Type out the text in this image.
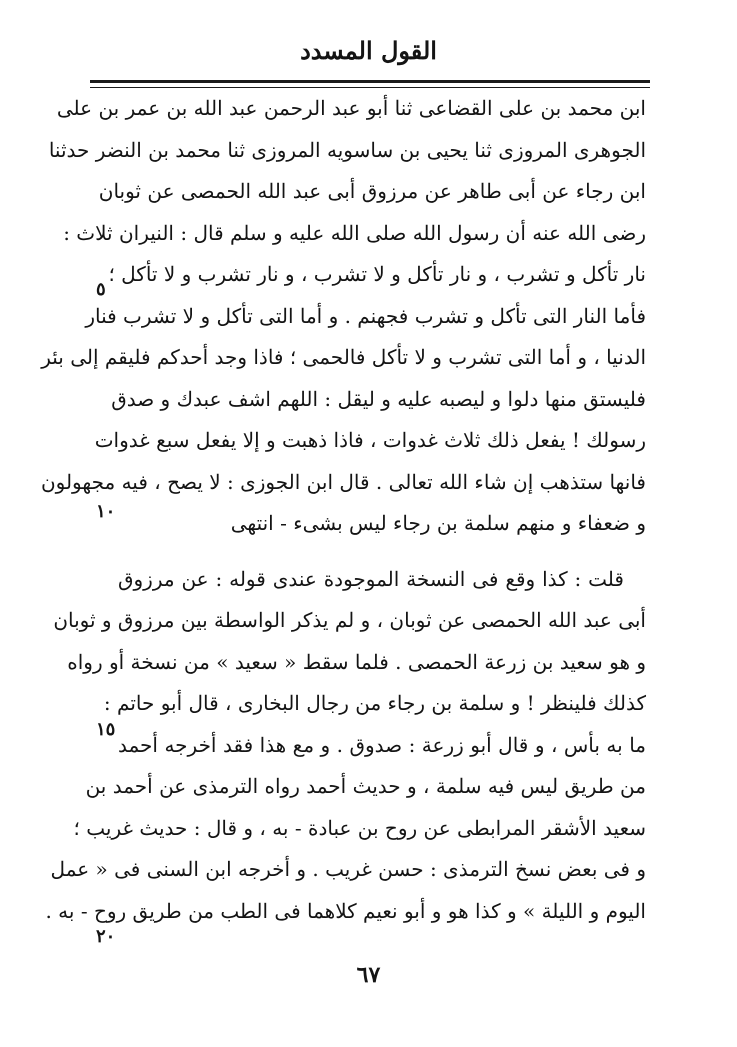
القول المسدد
ابن محمد بن على القضاعى ثنا أبو عبد الرحمن عبد الله بن عمر بن على
الجوهرى المروزى ثنا يحيى بن ساسويه المروزى ثنا محمد بن النضر حدثنا
ابن رجاء عن أبى طاهر عن مرزوق أبى عبد الله الحمصى عن ثوبان
رضى الله عنه أن رسول الله صلى الله عليه و سلم قال : النيران ثلاث :
نار تأكل و تشرب ، و نار تأكل و لا تشرب ، و نار تشرب و لا تأكل ؛
فأما النار التى تأكل و تشرب فجهنم . و أما التى تأكل و لا تشرب فنار
الدنيا ، و أما التى تشرب و لا تأكل فالحمى ؛ فاذا وجد أحدكم فليقم إلى بئر
فليستق منها دلوا و ليصبه عليه و ليقل : اللهم اشف عبدك و صدق
رسولك ! يفعل ذلك ثلاث غدوات ، فاذا ذهبت و إلا يفعل سبع غدوات
فانها ستذهب إن شاء الله تعالى . قال ابن الجوزى : لا يصح ، فيه مجهولون
و ضعفاء و منهم سلمة بن رجاء ليس بشىء - انتهى
قلت : كذا وقع فى النسخة الموجودة عندى قوله : عن مرزوق
أبى عبد الله الحمصى عن ثوبان ، و لم يذكر الواسطة بين مرزوق و ثوبان
و هو سعيد بن زرعة الحمصى . فلما سقط « سعيد » من نسخة أو رواه
كذلك فلينظر ! و سلمة بن رجاء من رجال البخارى ، قال أبو حاتم :
ما به بأس ، و قال أبو زرعة : صدوق . و مع هذا فقد أخرجه أحمد
من طريق ليس فيه سلمة ، و حديث أحمد رواه الترمذى عن أحمد بن
سعيد الأشقر المرابطى عن روح بن عبادة - به ، و قال : حديث غريب ؛
و فى بعض نسخ الترمذى : حسن غريب . و أخرجه ابن السنى فى « عمل
اليوم و الليلة » و كذا هو و أبو نعيم كلاهما فى الطب من طريق روح - به .
٥
١٠
١٥
٢٠
٦٧
